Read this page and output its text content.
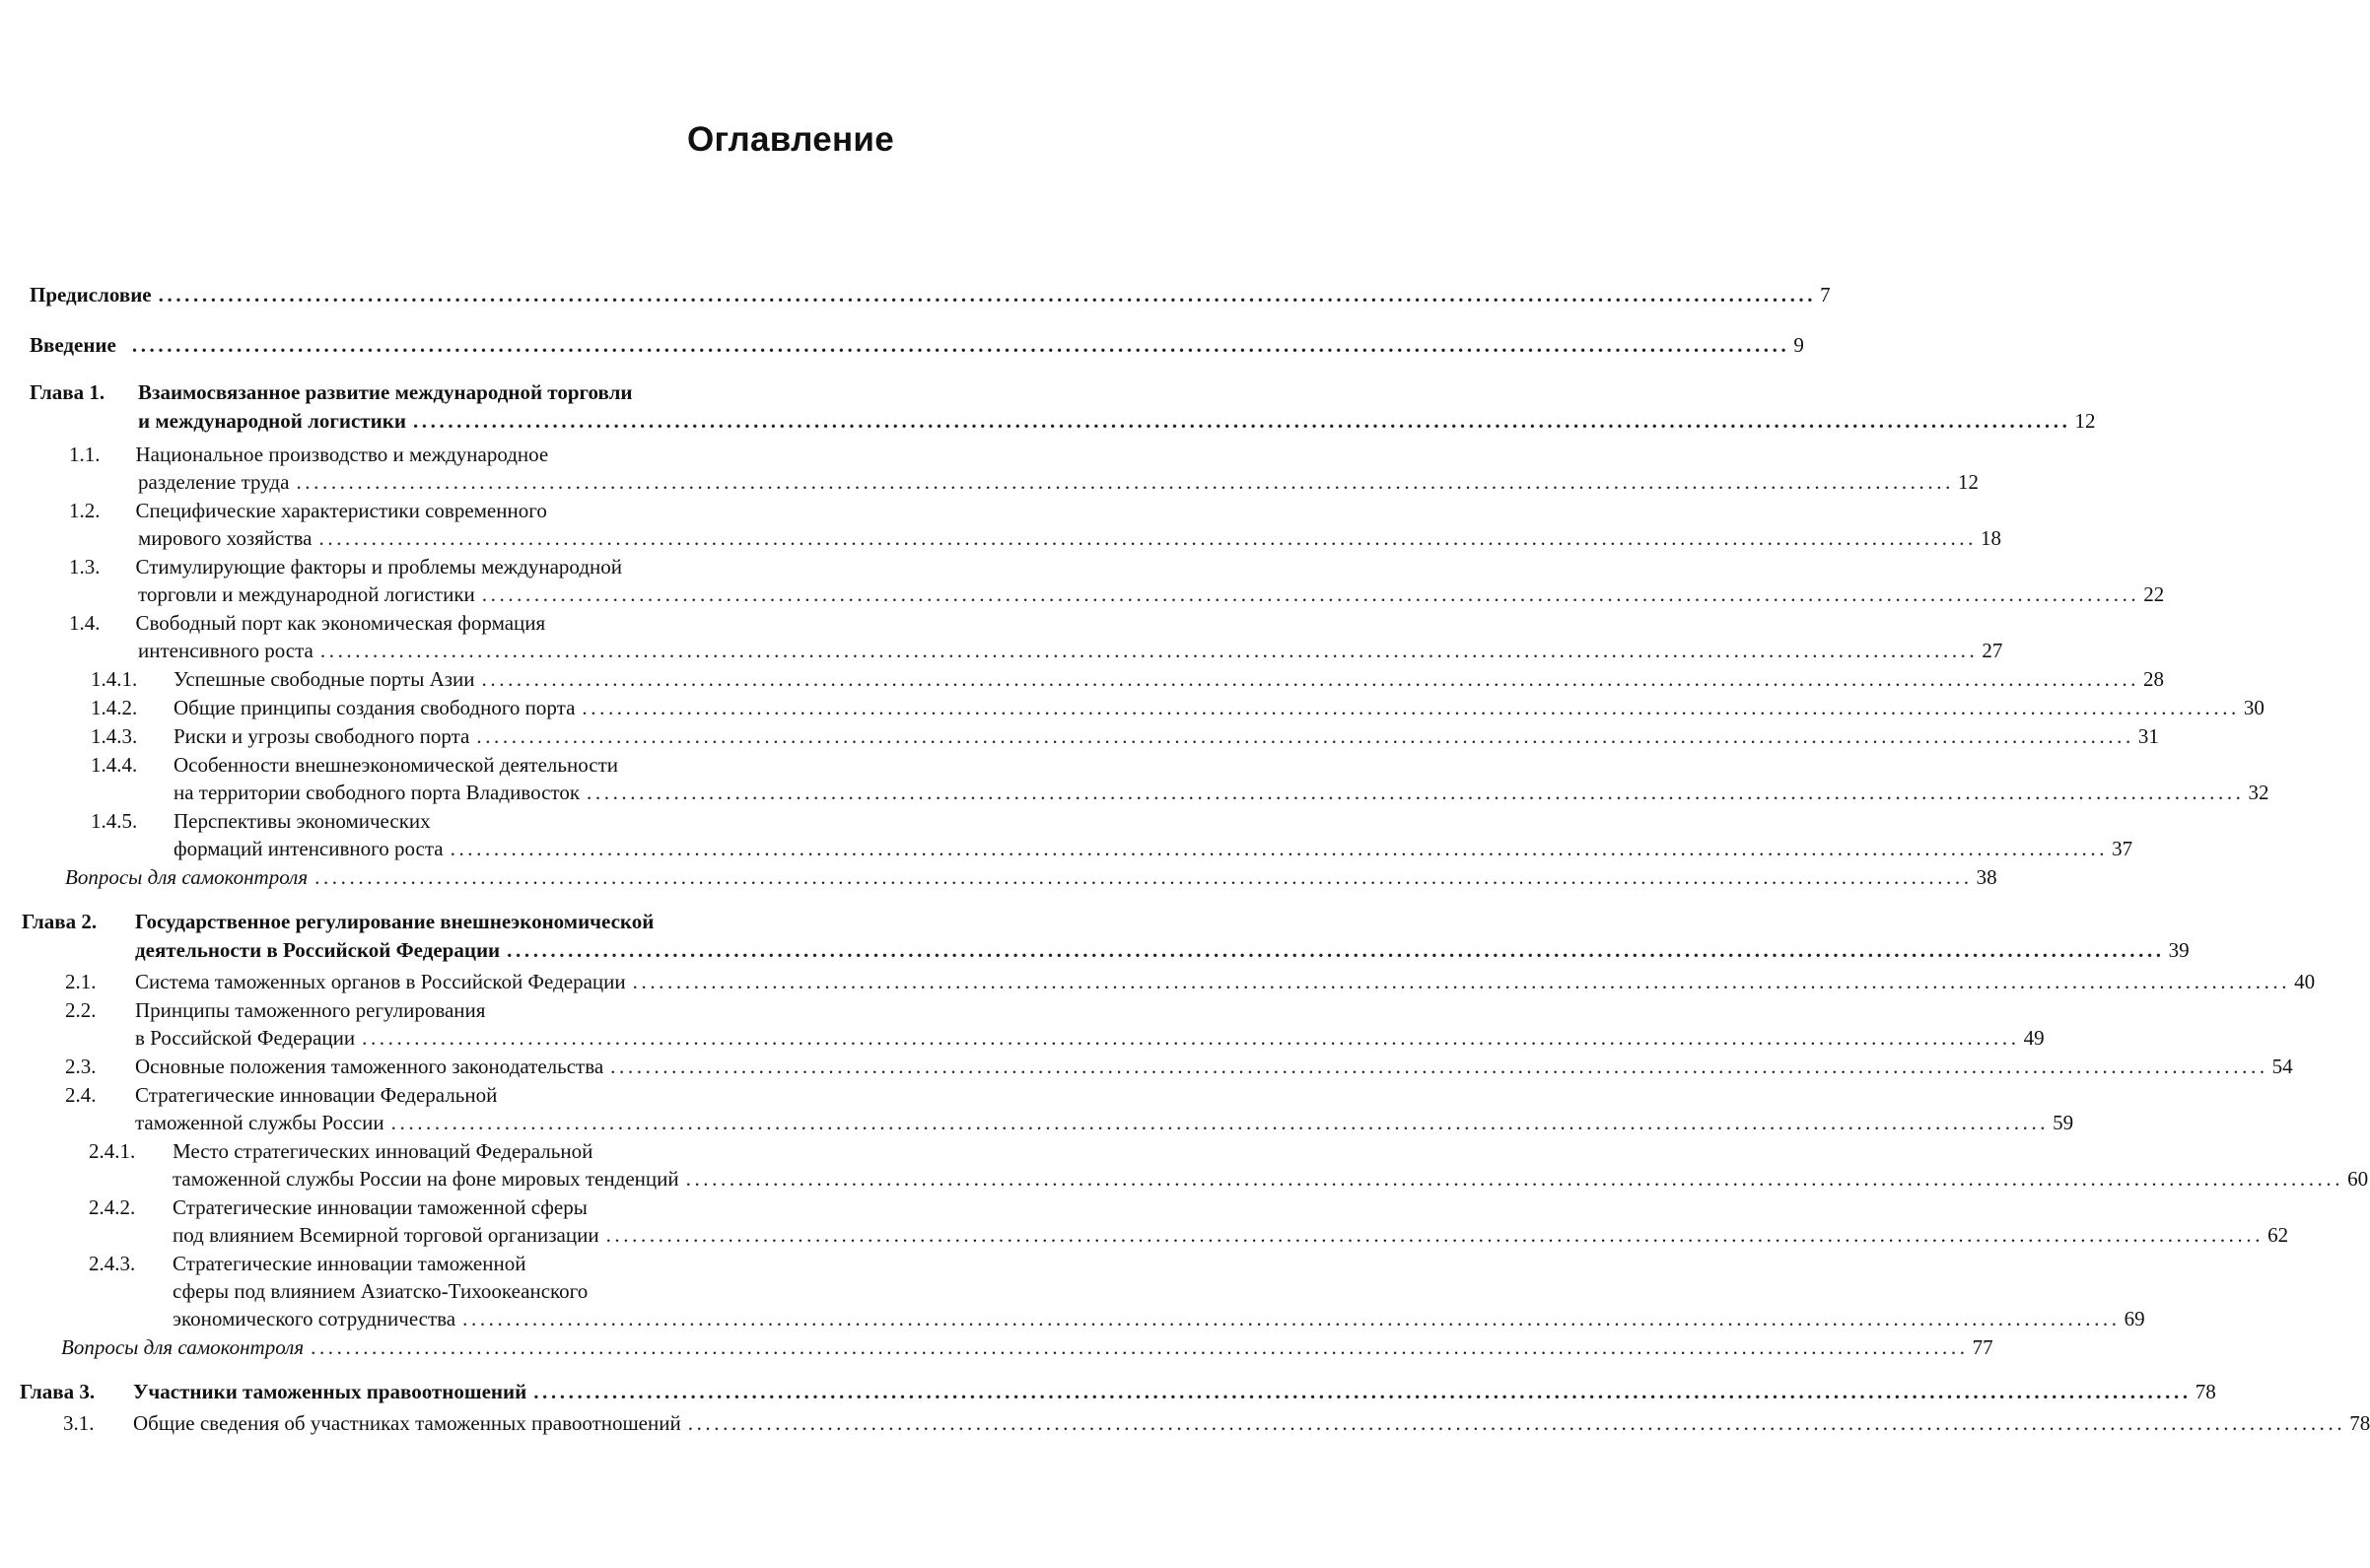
Оглавление
Предисловие .............................................................................................................................................................................................. 7
Введение .............................................................................................................................................................................................. 9
Глава 1. Взаимосвязанное развитие международной торговли
и международной логистики .............................................................................................................................................................................................. 12
1.1. Национальное производство и международное
разделение труда .............................................................................................................................................................................................. 12
1.2. Специфические характеристики современного
мирового хозяйства .............................................................................................................................................................................................. 18
1.3. Стимулирующие факторы и проблемы международной
торговли и международной логистики .............................................................................................................................................................................................. 22
1.4. Свободный порт как экономическая формация
интенсивного роста .............................................................................................................................................................................................. 27
1.4.1. Успешные свободные порты Азии .............................................................................................................................................................................................. 28
1.4.2. Общие принципы создания свободного порта .............................................................................................................................................................................................. 30
1.4.3. Риски и угрозы свободного порта .............................................................................................................................................................................................. 31
1.4.4. Особенности внешнеэкономической деятельности
на территории свободного порта Владивосток .............................................................................................................................................................................................. 32
1.4.5. Перспективы экономических
формаций интенсивного роста .............................................................................................................................................................................................. 37
Вопросы для самоконтроля .............................................................................................................................................................................................. 38
Глава 2. Государственное регулирование внешнеэкономической
деятельности в Российской Федерации .............................................................................................................................................................................................. 39
2.1. Система таможенных органов в Российской Федерации .............................................................................................................................................................................................. 40
2.2. Принципы таможенного регулирования
в Российской Федерации .............................................................................................................................................................................................. 49
2.3. Основные положения таможенного законодательства .............................................................................................................................................................................................. 54
2.4. Стратегические инновации Федеральной
таможенной службы России .............................................................................................................................................................................................. 59
2.4.1. Место стратегических инноваций Федеральной
таможенной службы России на фоне мировых тенденций .............................................................................................................................................................................................. 60
2.4.2. Стратегические инновации таможенной сферы
под влиянием Всемирной торговой организации .............................................................................................................................................................................................. 62
2.4.3. Стратегические инновации таможенной
сферы под влиянием Азиатско-Тихоокеанского
экономического сотрудничества .............................................................................................................................................................................................. 69
Вопросы для самоконтроля .............................................................................................................................................................................................. 77
Глава 3. Участники таможенных правоотношений .............................................................................................................................................................................................. 78
3.1. Общие сведения об участниках таможенных правоотношений .............................................................................................................................................................................................. 78
